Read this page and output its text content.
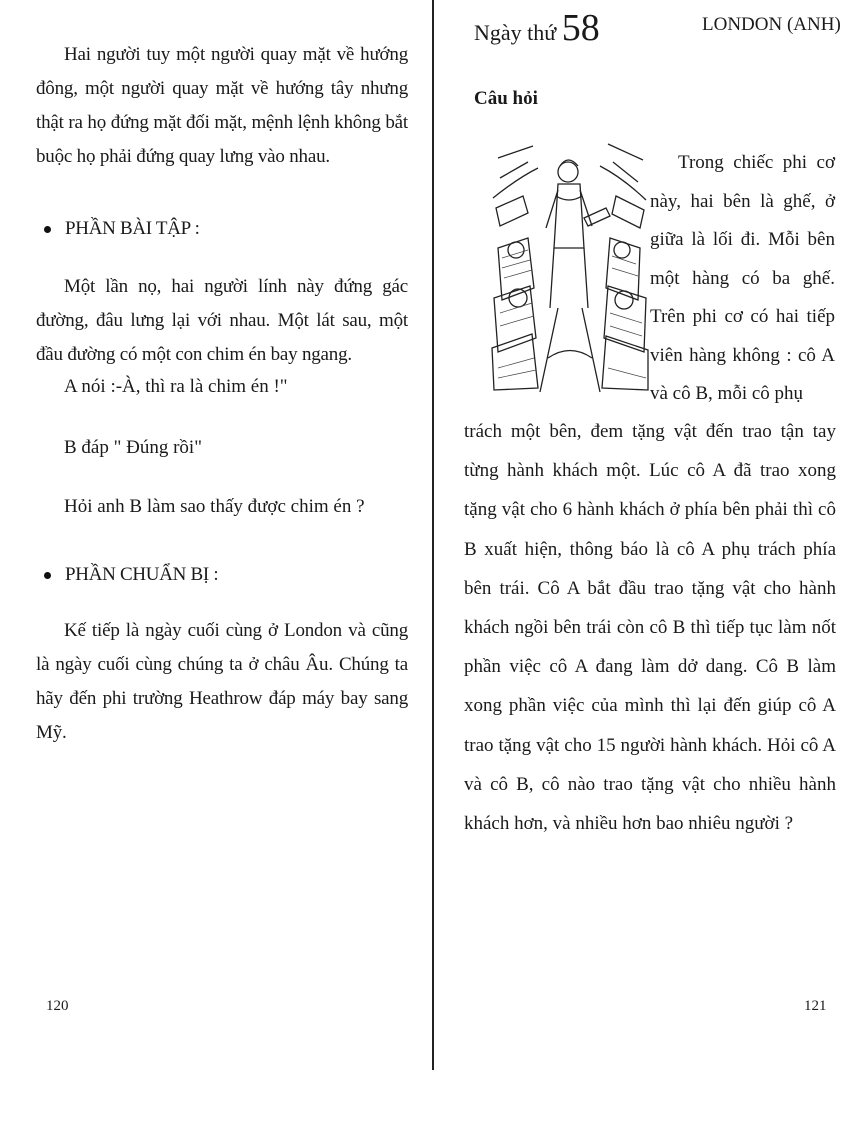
Hai người tuy một người quay mặt về hướng đông, một người quay mặt về hướng tây nhưng thật ra họ đứng mặt đối mặt, mệnh lệnh không bắt buộc họ phải đứng quay lưng vào nhau.
PHẦN BÀI TẬP :
Một lần nọ, hai người lính này đứng gác đường, đâu lưng lại với nhau. Một lát sau, một đầu đường có một con chim én bay ngang.
A nói :-À, thì ra là chim én !"
B đáp " Đúng rồi"
Hỏi anh B làm sao thấy được chim én ?
PHẦN CHUẨN BỊ :
Kế tiếp là ngày cuối cùng ở London và cũng là ngày cuối cùng chúng ta ở châu Âu. Chúng ta hãy đến phi trường Heathrow đáp máy bay sang Mỹ.
120
Ngày thứ 58	LONDON (ANH)
Câu hỏi
Trong chiếc phi cơ này, hai bên là ghế, ở giữa là lối đi. Mỗi bên một hàng có ba ghế. Trên phi cơ có hai tiếp viên hàng không : cô A và cô B, mỗi cô phụ
trách một bên, đem tặng vật đến trao tận tay từng hành khách một. Lúc cô A đã trao xong tặng vật cho 6 hành khách ở phía bên phải thì cô B xuất hiện, thông báo là cô A phụ trách phía bên trái. Cô A bắt đầu trao tặng vật cho hành khách ngồi bên trái còn cô B thì tiếp tục làm nốt phần việc cô A đang làm dở dang. Cô B làm xong phần việc của mình thì lại đến giúp cô A trao tặng vật cho 15 người hành khách. Hỏi cô A và cô B, cô nào trao tặng vật cho nhiều hành khách hơn, và nhiều hơn bao nhiêu người ?
121
